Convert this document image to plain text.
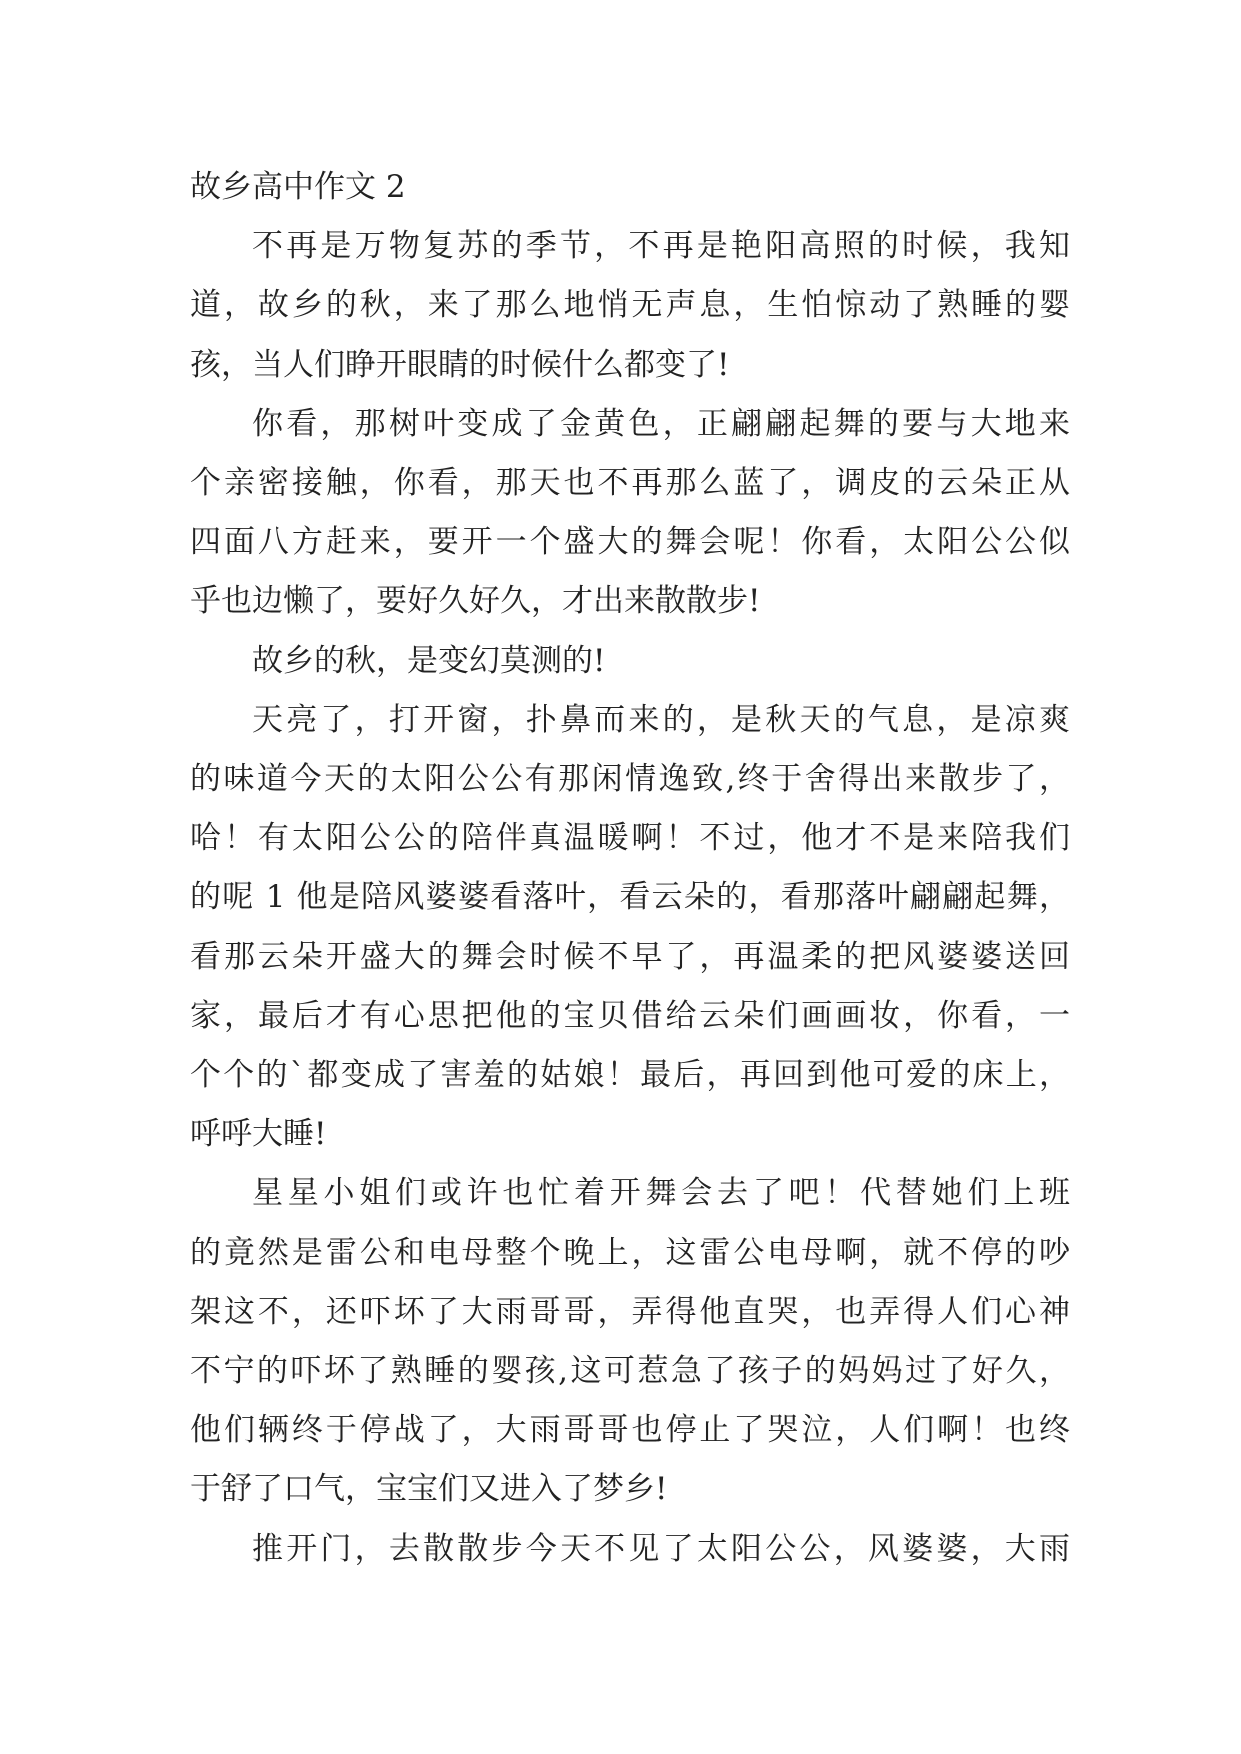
故乡高中作文 2
不再是万物复苏的季节，不再是艳阳高照的时候，我知
道，故乡的秋，来了那么地悄无声息，生怕惊动了熟睡的婴
孩，当人们睁开眼睛的时候什么都变了!
你看，那树叶变成了金黄色，正翩翩起舞的要与大地来
个亲密接触，你看，那天也不再那么蓝了，调皮的云朵正从
四面八方赶来，要开一个盛大的舞会呢！你看，太阳公公似
乎也边懒了，要好久好久，才出来散散步!
故乡的秋，是变幻莫测的!
天亮了，打开窗，扑鼻而来的，是秋天的气息，是凉爽
的味道今天的太阳公公有那闲情逸致,终于舍得出来散步了，
哈！有太阳公公的陪伴真温暖啊！不过，他才不是来陪我们
的呢 1 他是陪风婆婆看落叶，看云朵的，看那落叶翩翩起舞，
看那云朵开盛大的舞会时候不早了，再温柔的把风婆婆送回
家，最后才有心思把他的宝贝借给云朵们画画妆，你看，一
个个的`都变成了害羞的姑娘！最后，再回到他可爱的床上，
呼呼大睡!
星星小姐们或许也忙着开舞会去了吧！代替她们上班
的竟然是雷公和电母整个晚上，这雷公电母啊，就不停的吵
架这不，还吓坏了大雨哥哥，弄得他直哭，也弄得人们心神
不宁的吓坏了熟睡的婴孩,这可惹急了孩子的妈妈过了好久，
他们辆终于停战了，大雨哥哥也停止了哭泣，人们啊！也终
于舒了口气，宝宝们又进入了梦乡!
推开门，去散散步今天不见了太阳公公，风婆婆，大雨
